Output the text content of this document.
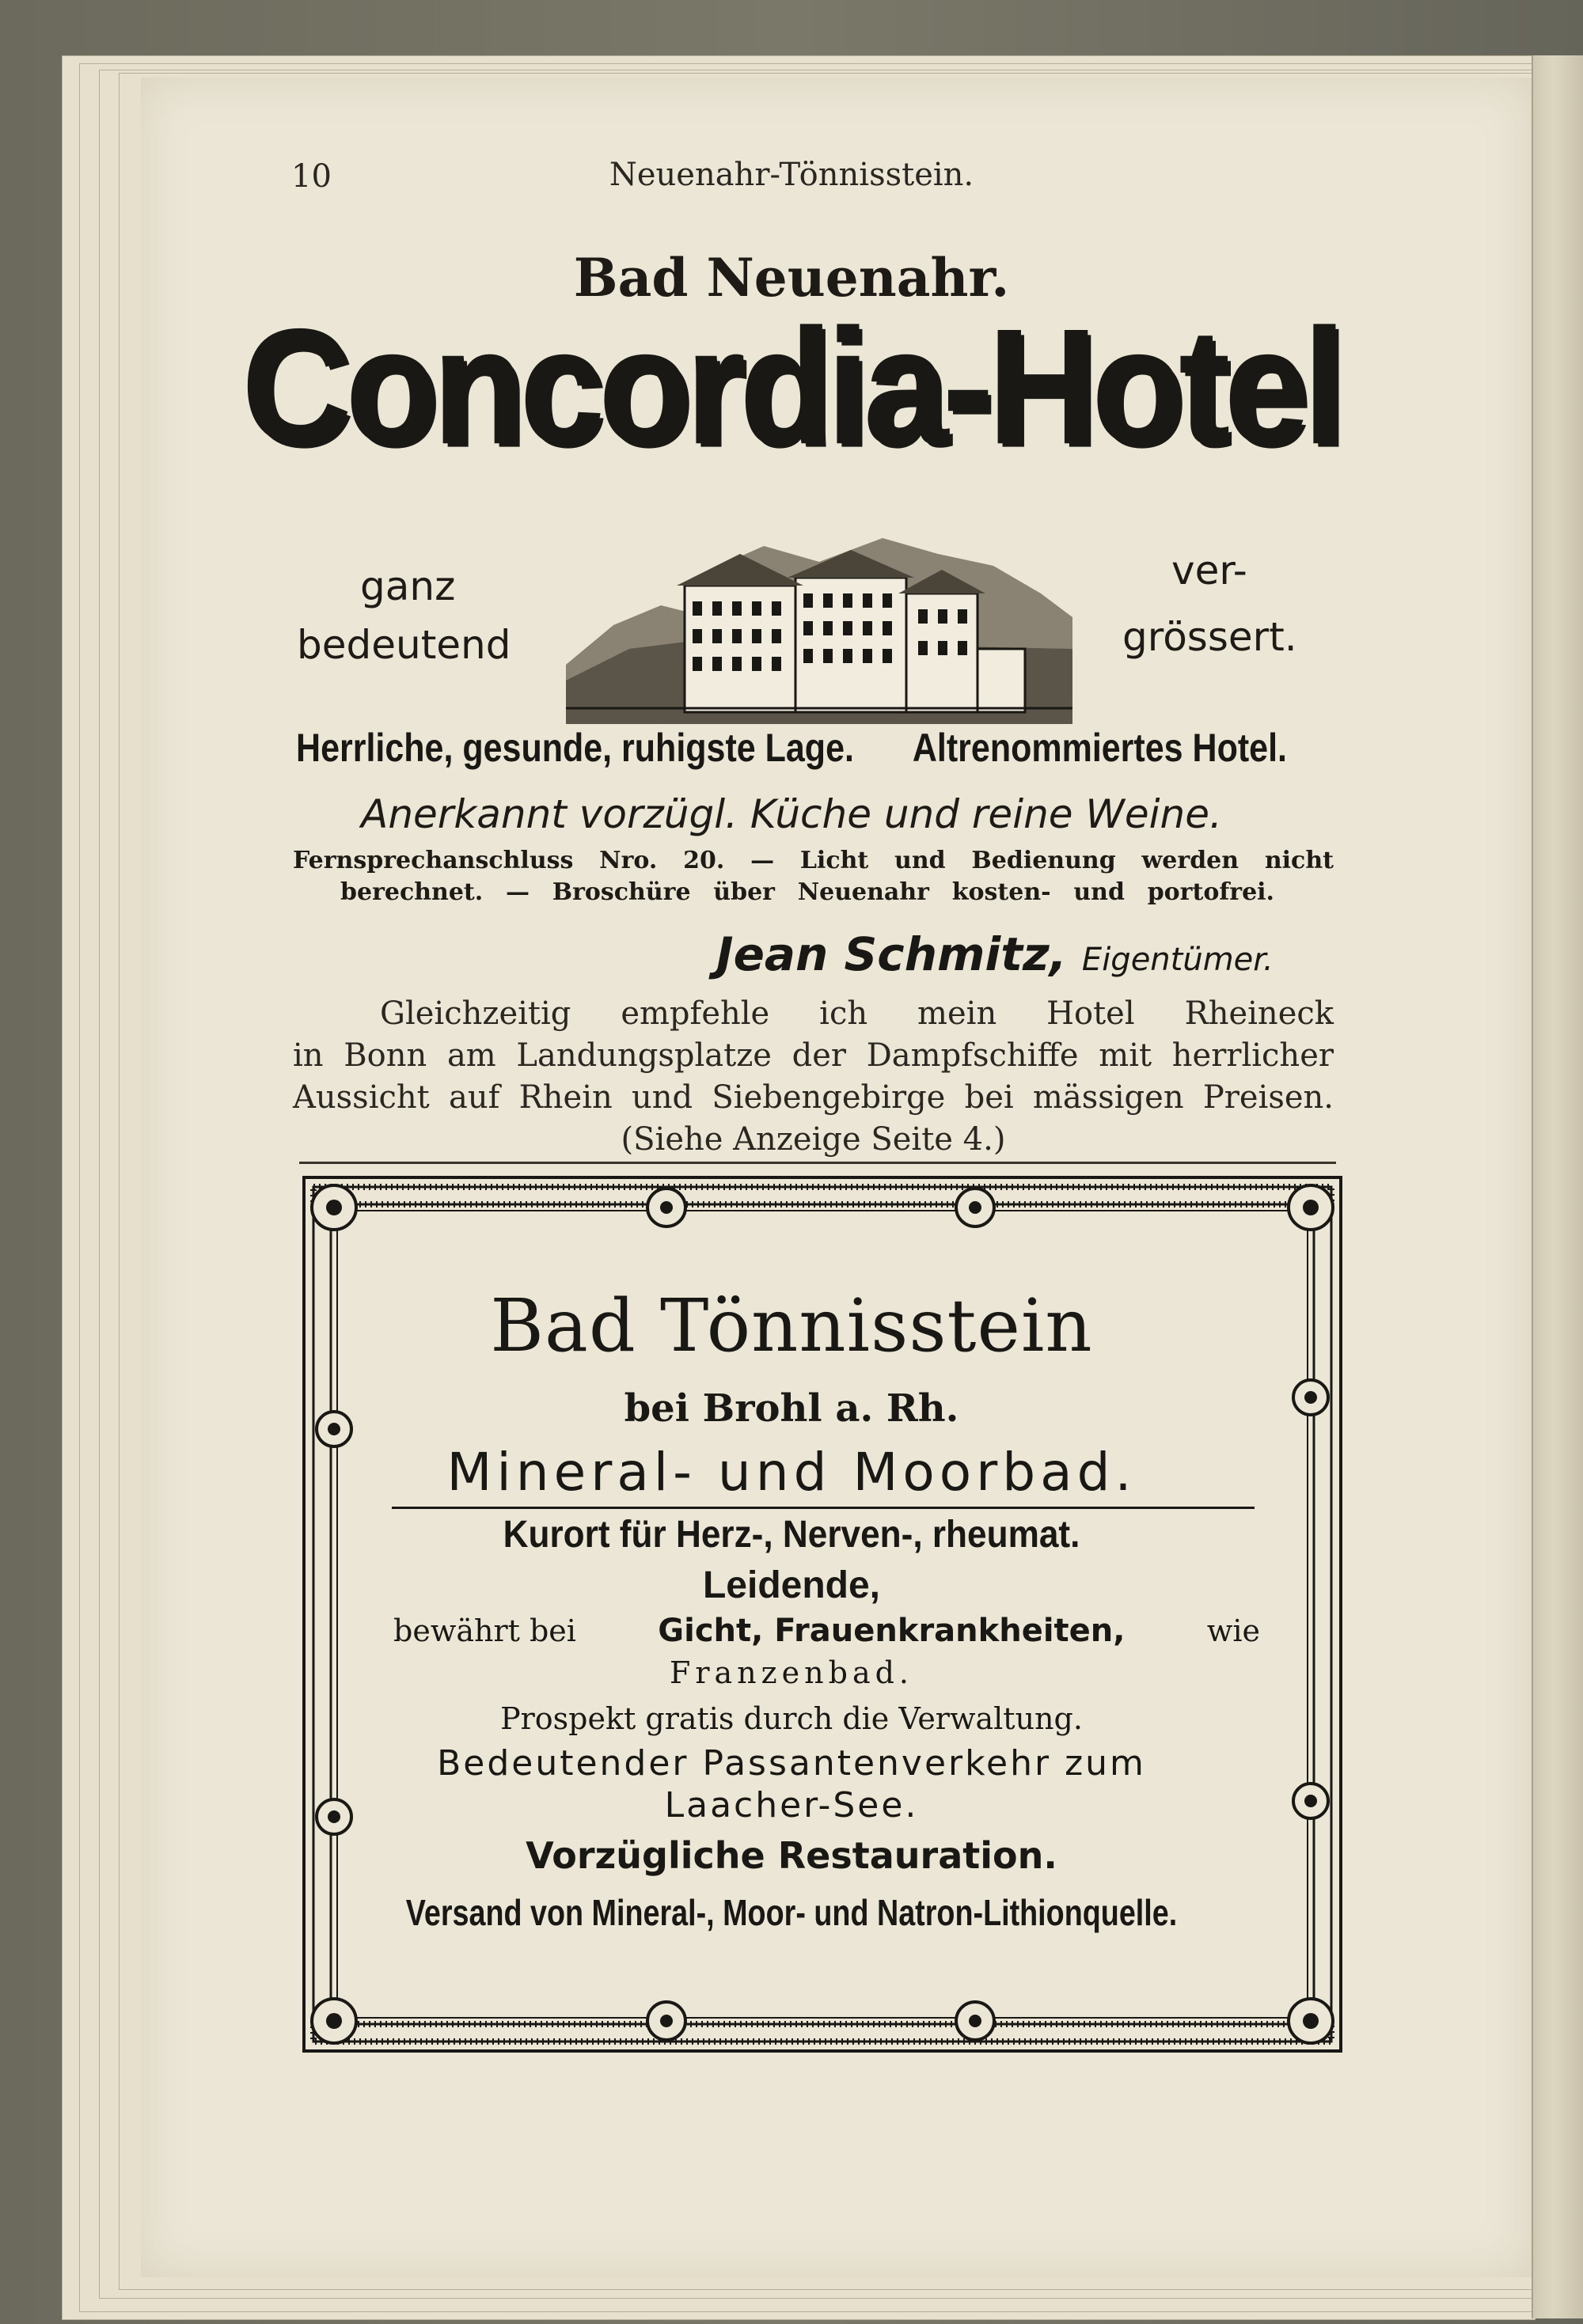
10	Neuenahr-Tönnisstein.
Bad Neuenahr.
Concordia-Hotel
ganz
bedeutend
ver-
grössert.
Herrliche, gesunde, ruhigste Lage. Altrenommiertes Hotel.
Anerkannt vorzügl. Küche und reine Weine.
Fernsprechanschluss Nro. 20. — Licht und Bedienung werden nicht
berechnet. — Broschüre über Neuenahr kosten- und portofrei.
Jean Schmitz, Eigentümer.
Gleichzeitig empfehle ich mein Hotel Rheineck
in Bonn am Landungsplatze der Dampfschiffe mit herrlicher
Aussicht auf Rhein und Siebengebirge bei mässigen Preisen.
(Siehe Anzeige Seite 4.)
Bad Tönnisstein
bei Brohl a. Rh.
Mineral- und Moorbad.
Kurort für Herz-, Nerven-, rheumat.
Leidende,
bewährt bei	Gicht, Frauenkrankheiten,	wie
Franzenbad.
Prospekt gratis durch die Verwaltung.
Bedeutender Passantenverkehr zum
Laacher-See.
Vorzügliche Restauration.
Versand von Mineral-, Moor- und Natron-Lithionquelle.
